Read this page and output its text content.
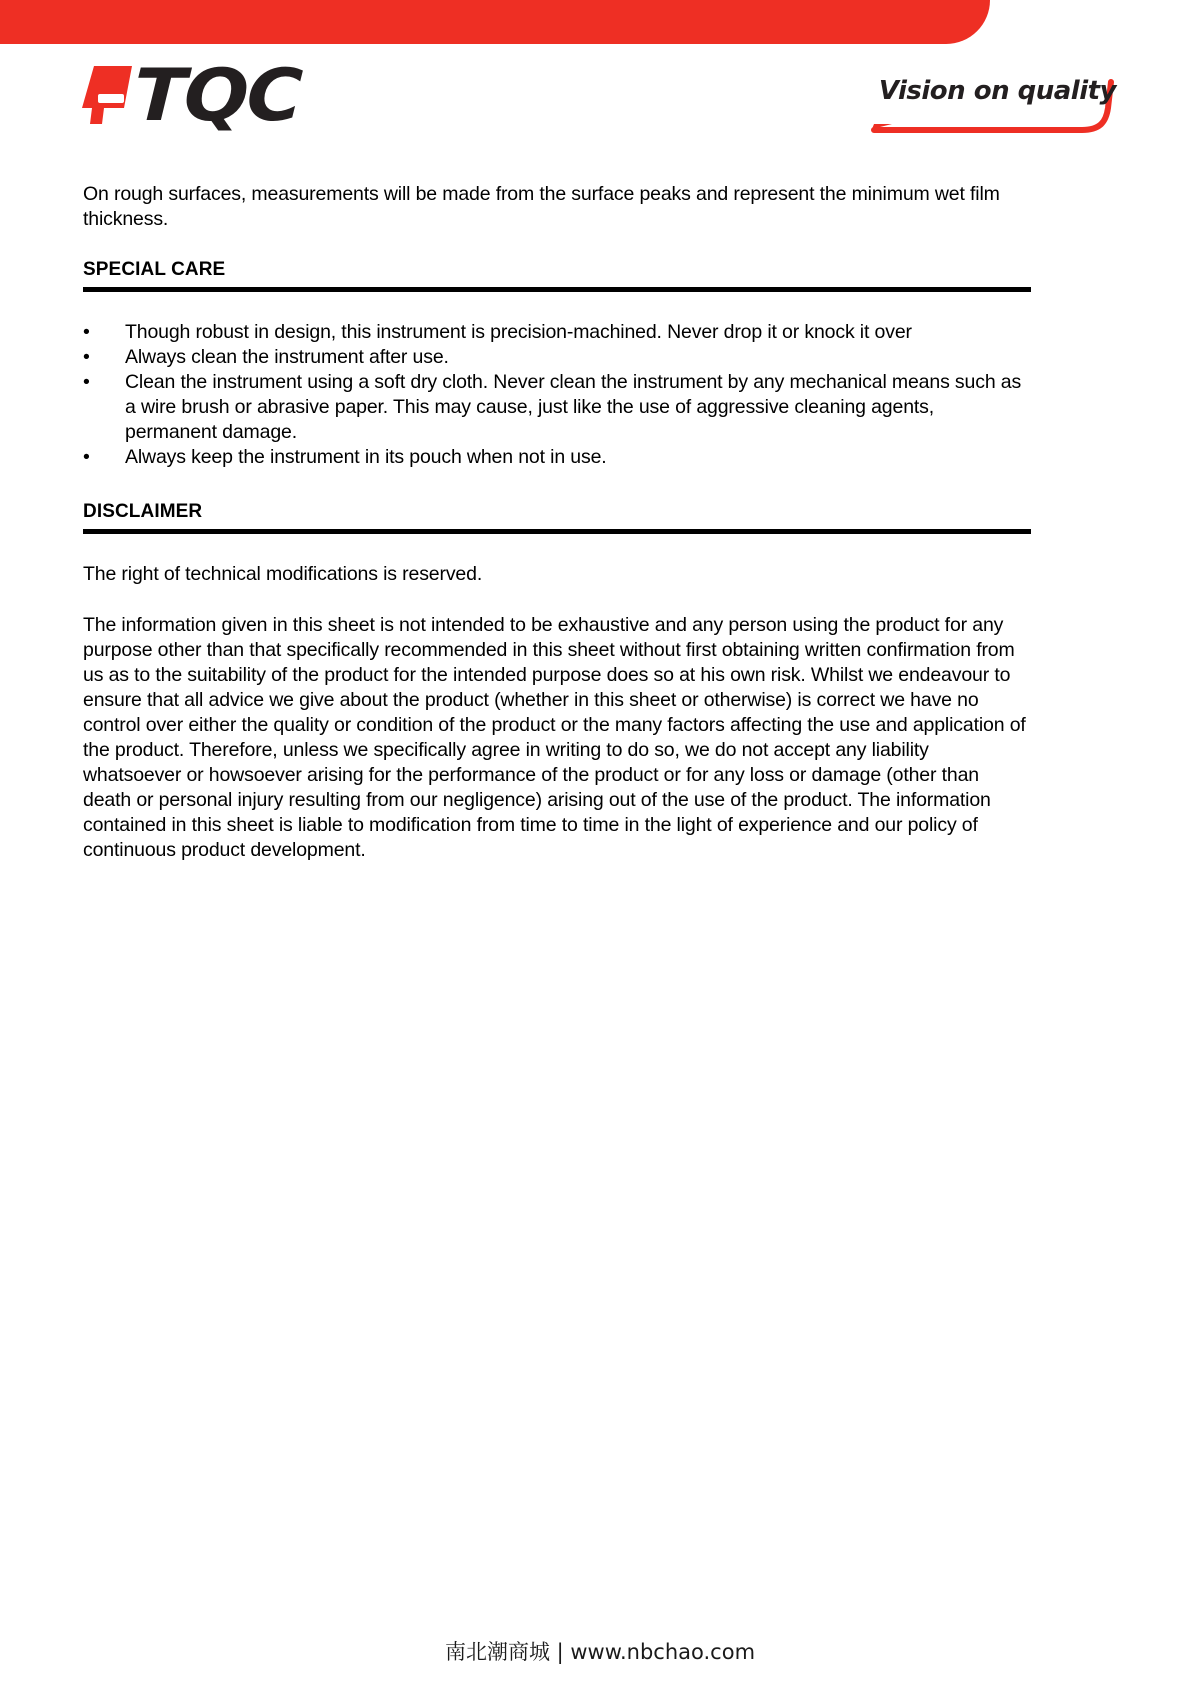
TQC	Vision on quality

On rough surfaces, measurements will be made from the surface peaks and represent the minimum wet film thickness.

SPECIAL CARE
• Though robust in design, this instrument is precision-machined. Never drop it or knock it over
• Always clean the instrument after use.
• Clean the instrument using a soft dry cloth. Never clean the instrument by any mechanical means such as a wire brush or abrasive paper. This may cause, just like the use of aggressive cleaning agents, permanent damage.
• Always keep the instrument in its pouch when not in use.
DISCLAIMER

The right of technical modifications is reserved.

The information given in this sheet is not intended to be exhaustive and any person using the product for any purpose other than that specifically recommended in this sheet without first obtaining written confirmation from us as to the suitability of the product for the intended purpose does so at his own risk. Whilst we endeavour to ensure that all advice we give about the product (whether in this sheet or otherwise) is correct we have no control over either the quality or condition of the product or the many factors affecting the use and application of the product. Therefore, unless we specifically agree in writing to do so, we do not accept any liability whatsoever or howsoever arising for the performance of the product or for any loss or damage (other than death or personal injury resulting from our negligence) arising out of the use of the product. The information contained in this sheet is liable to modification from time to time in the light of experience and our policy of continuous product development.

南北潮商城 | www.nbchao.com
